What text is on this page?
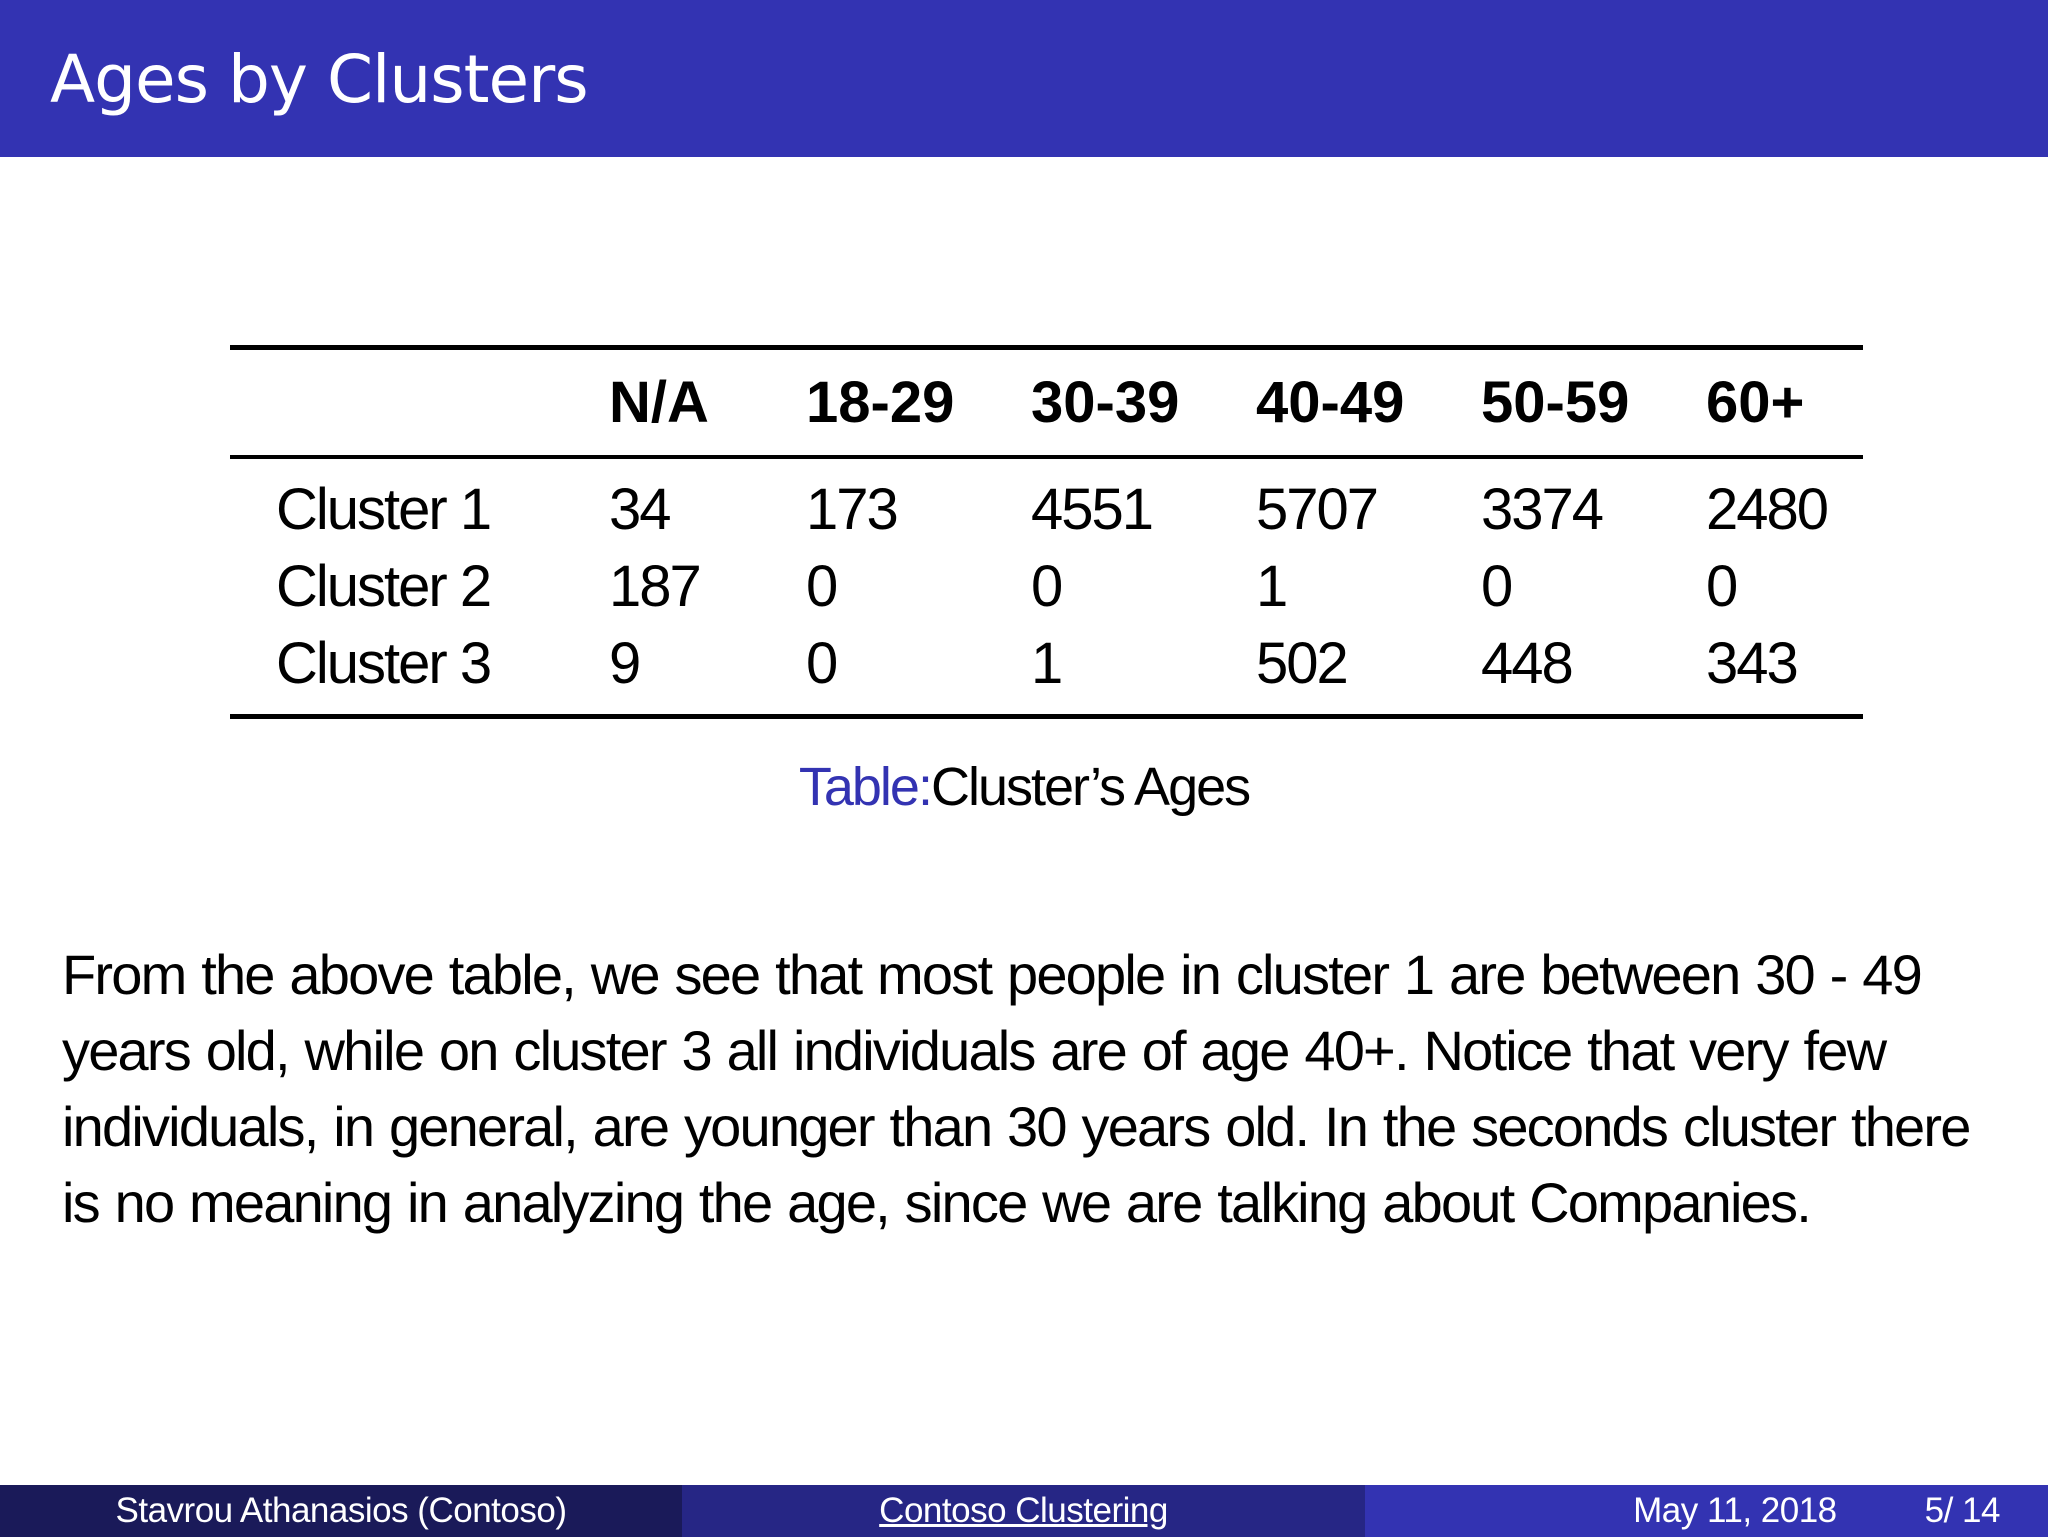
Ages by Clusters
	N/A	18-29	30-39	40-49	50-59	60+
Cluster 1	34	173	4551	5707	3374	2480
Cluster 2	187	0	0	1	0	0
Cluster 3	9	0	1	502	448	343
Table:Cluster’s Ages

From the above table, we see that most people in cluster 1 are between 30 - 49 years old, while on cluster 3 all individuals are of age 40+. Notice that very few individuals, in general, are younger than 30 years old. In the seconds cluster there is no meaning in analyzing the age, since we are talking about Companies.

Stavrou Athanasios (Contoso)	Contoso Clustering	May 11, 2018	5/ 14
